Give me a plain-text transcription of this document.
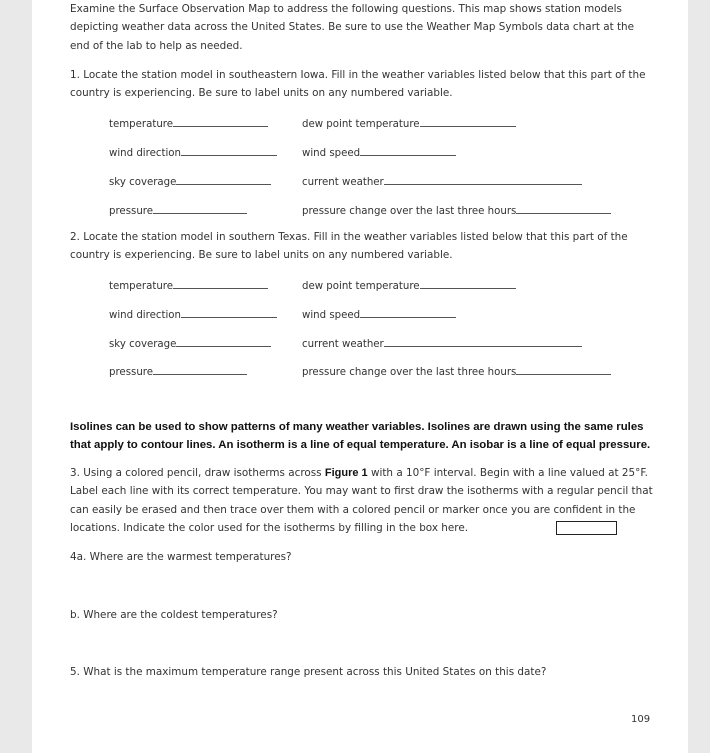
Examine the Surface Observation Map to address the following questions. This map shows station models depicting weather data across the United States. Be sure to use the Weather Map Symbols data chart at the end of the lab to help as needed.
1. Locate the station model in southeastern Iowa. Fill in the weather variables listed below that this part of the country is experiencing. Be sure to label units on any numbered variable.
temperature	dew point temperature
wind direction	wind speed
sky coverage	current weather
pressure	pressure change over the last three hours
2. Locate the station model in southern Texas. Fill in the weather variables listed below that this part of the country is experiencing. Be sure to label units on any numbered variable.
temperature	dew point temperature
wind direction	wind speed
sky coverage	current weather
pressure	pressure change over the last three hours
Isolines can be used to show patterns of many weather variables. Isolines are drawn using the same rules that apply to contour lines. An isotherm is a line of equal temperature. An isobar is a line of equal pressure.
3. Using a colored pencil, draw isotherms across Figure 1 with a 10°F interval. Begin with a line valued at 25°F. Label each line with its correct temperature. You may want to first draw the isotherms with a regular pencil that can easily be erased and then trace over them with a colored pencil or marker once you are confident in the locations. Indicate the color used for the isotherms by filling in the box here.
4a. Where are the warmest temperatures?
b. Where are the coldest temperatures?
5. What is the maximum temperature range present across this United States on this date?
109
